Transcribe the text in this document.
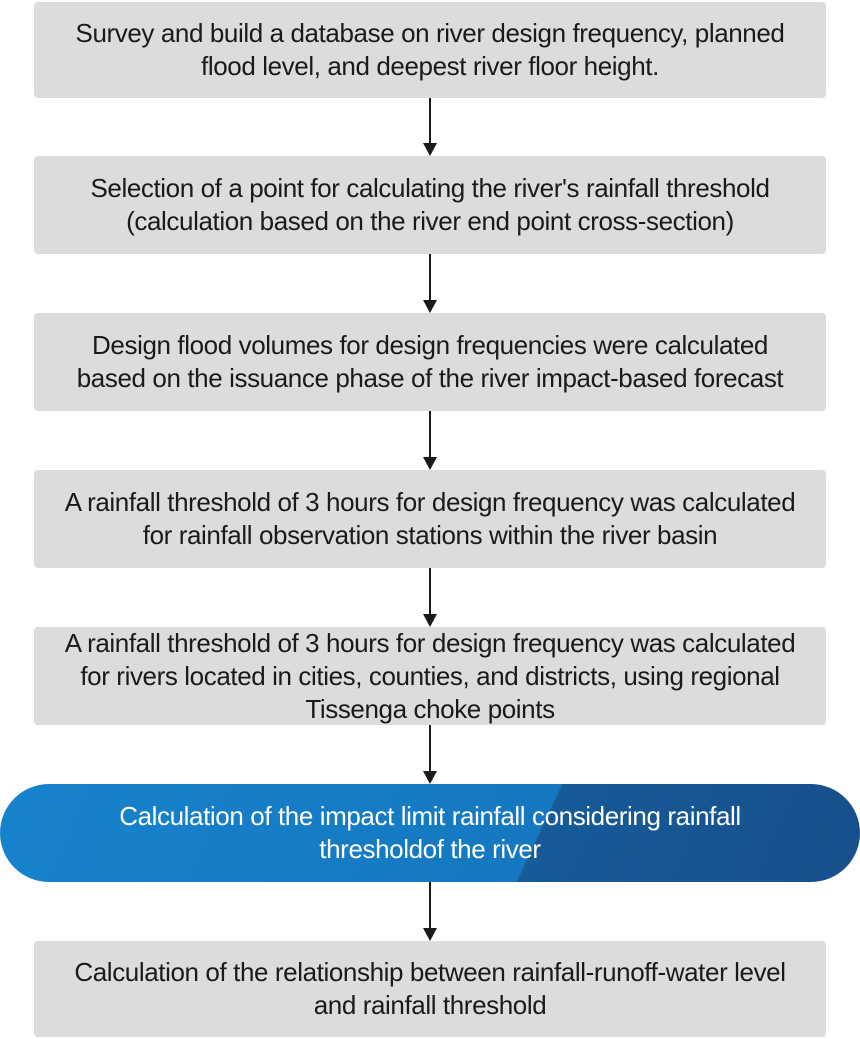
Survey and build a database on river design frequency, planned flood level, and deepest river floor height.
Selection of a point for calculating the river's rainfall threshold (calculation based on the river end point cross-section)
Design flood volumes for design frequencies were calculated based on the issuance phase of the river impact-based forecast
A rainfall threshold of 3 hours for design frequency was calculated for rainfall observation stations within the river basin
A rainfall threshold of 3 hours for design frequency was calculated for rivers located in cities, counties, and districts, using regional Tissenga choke points
Calculation of the impact limit rainfall considering rainfall thresholdof the river
Calculation of the relationship between rainfall-runoff-water level and rainfall threshold
